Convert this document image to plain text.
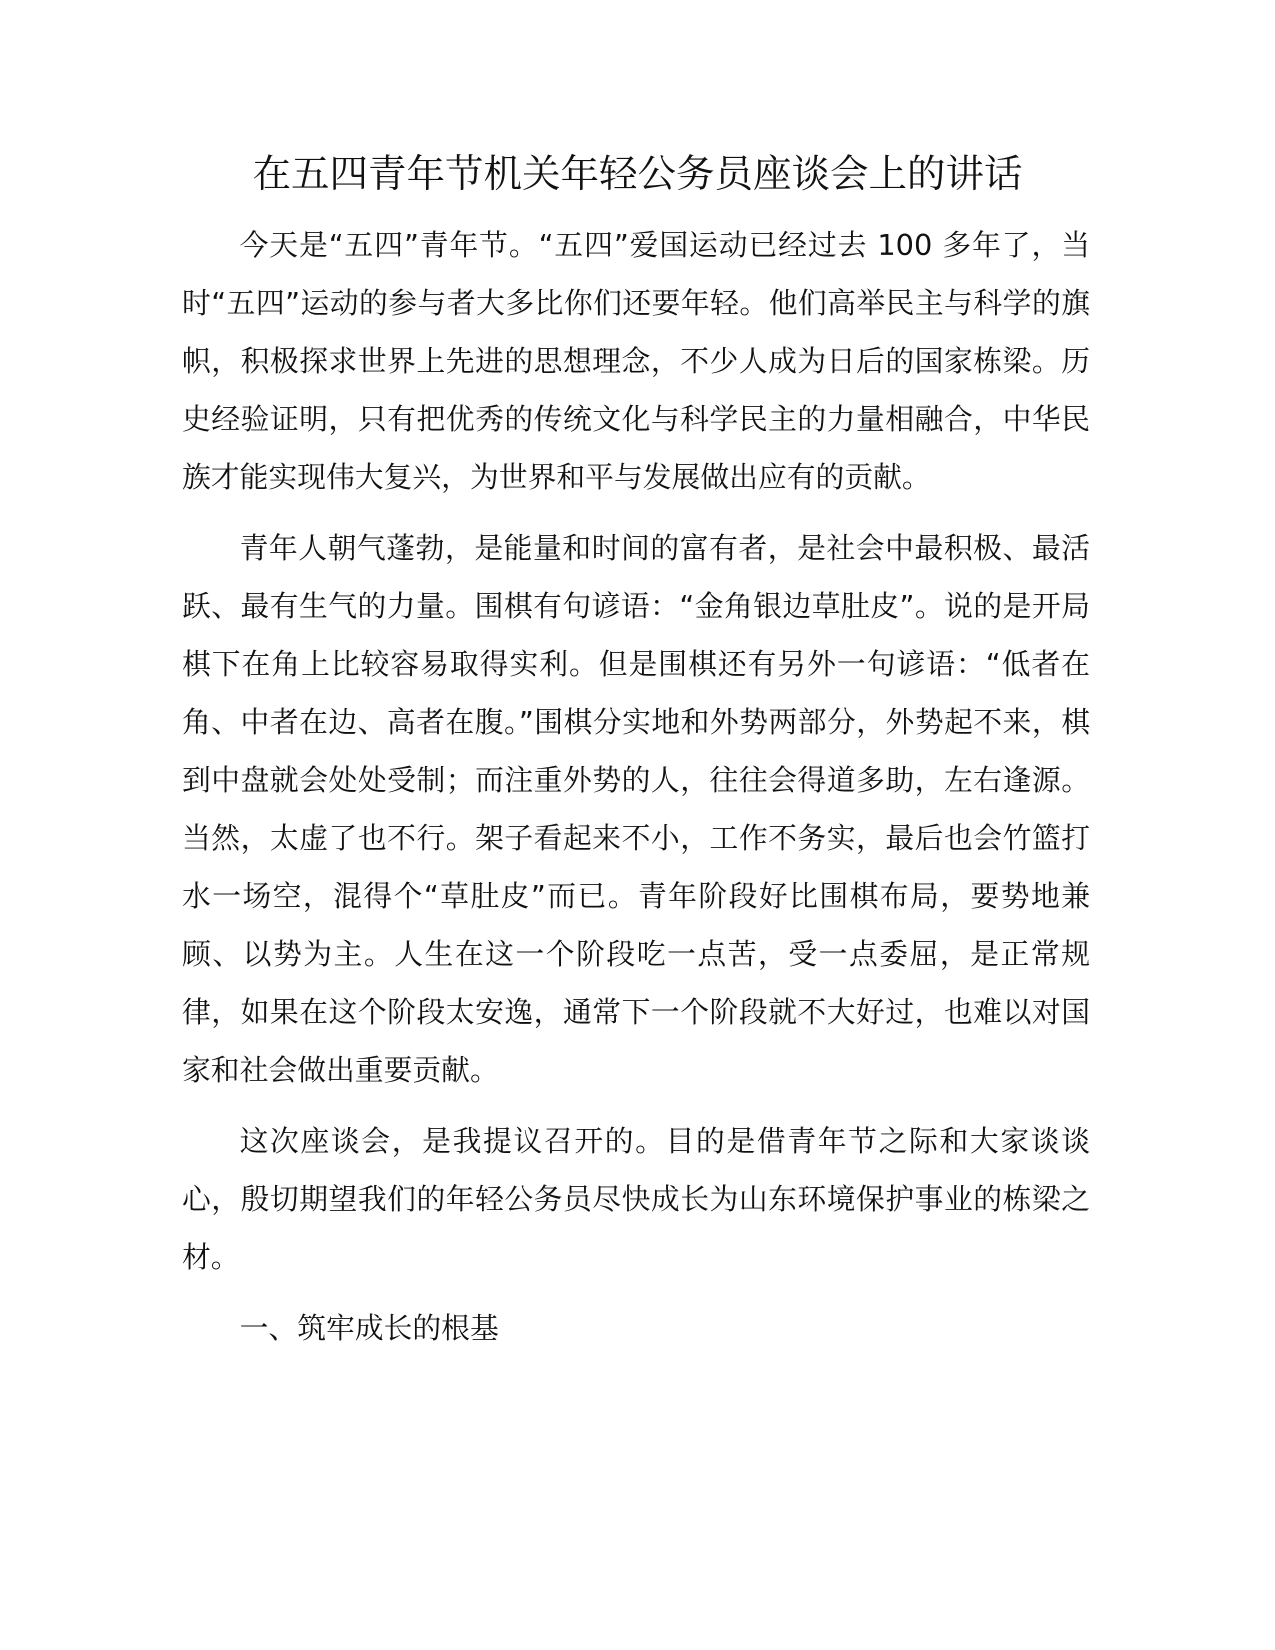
在五四青年节机关年轻公务员座谈会上的讲话

今天是“五四”青年节。“五四”爱国运动已经过去 100 多年了，当时“五四”运动的参与者大多比你们还要年轻。他们高举民主与科学的旗帜，积极探求世界上先进的思想理念，不少人成为日后的国家栋梁。历史经验证明，只有把优秀的传统文化与科学民主的力量相融合，中华民族才能实现伟大复兴，为世界和平与发展做出应有的贡献。

青年人朝气蓬勃，是能量和时间的富有者，是社会中最积极、最活跃、最有生气的力量。围棋有句谚语：“金角银边草肚皮”。说的是开局棋下在角上比较容易取得实利。但是围棋还有另外一句谚语：“低者在角、中者在边、高者在腹。”围棋分实地和外势两部分，外势起不来，棋到中盘就会处处受制；而注重外势的人，往往会得道多助，左右逢源。当然，太虚了也不行。架子看起来不小，工作不务实，最后也会竹篮打水一场空，混得个“草肚皮”而已。青年阶段好比围棋布局，要势地兼顾、以势为主。人生在这一个阶段吃一点苦，受一点委屈，是正常规律，如果在这个阶段太安逸，通常下一个阶段就不大好过，也难以对国家和社会做出重要贡献。

这次座谈会，是我提议召开的。目的是借青年节之际和大家谈谈心，殷切期望我们的年轻公务员尽快成长为山东环境保护事业的栋梁之材。

一、筑牢成长的根基
